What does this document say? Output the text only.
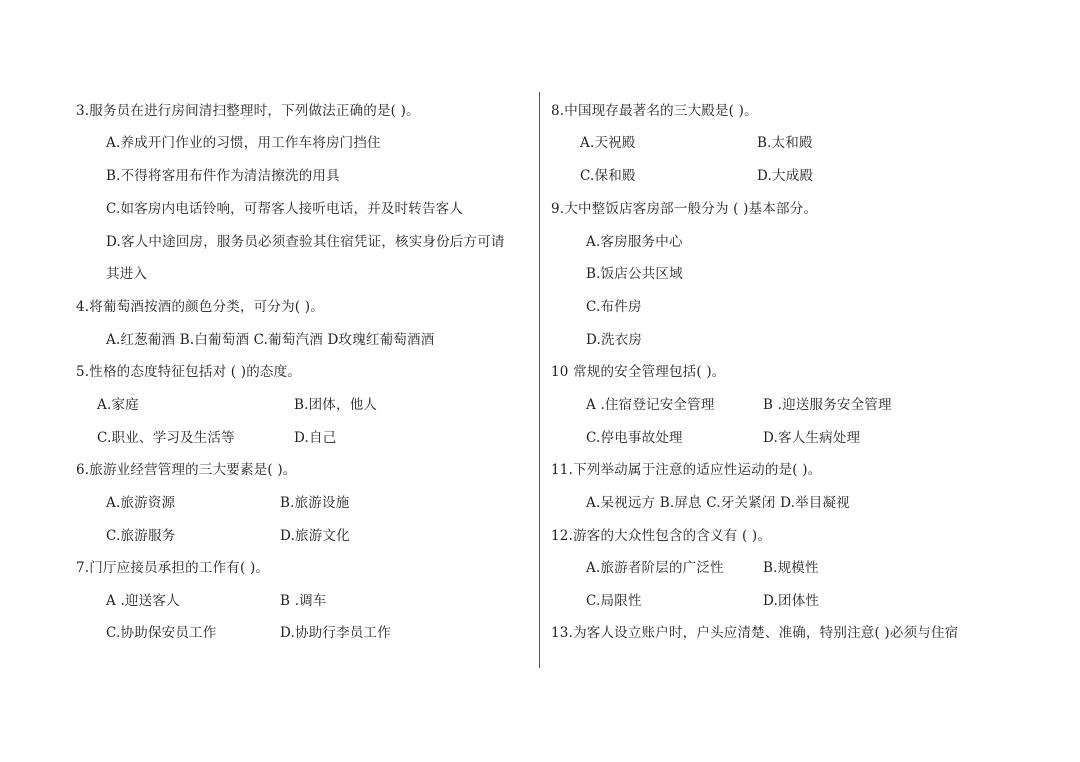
3.服务员在进行房间清扫整理时，下列做法正确的是( )。
A.养成开门作业的习惯，用工作车将房门挡住
B.不得将客用布件作为清洁擦洗的用具
C.如客房内电话铃响，可帮客人接听电话，并及时转告客人
D.客人中途回房，服务员必须查验其住宿凭证，核实身份后方可请
其进入
4.将葡萄酒按酒的颜色分类，可分为( )。
A.红葱葡酒 B.白葡萄酒 C.葡萄汽酒 D玫瑰红葡萄酒酒
5.性格的态度特征包括对 ( )的态度。
A.家庭	B.团体，他人
C.职业、学习及生活等	D.自己
6.旅游业经营管理的三大要素是( )。
A.旅游资源	B.旅游设施
C.旅游服务	D.旅游文化
7.门厅应接员承担的工作有( )。
A .迎送客人	B .调车
C.协助保安员工作	D.协助行李员工作
8.中国现存最著名的三大殿是( )。
A.天祝殿	B.太和殿
C.保和殿	D.大成殿
9.大中整饭店客房部一般分为 ( )基本部分。
A.客房服务中心
B.饭店公共区域
C.布件房
D.洗衣房
10 常规的安全管理包括( )。
A .住宿登记安全管理	B .迎送服务安全管理
C.停电事故处理	D.客人生病处理
11.下列举动属于注意的适应性运动的是( )。
A.呆视远方 B.屏息 C.牙关紧闭 D.举目凝视
12.游客的大众性包含的含义有 ( )。
A.旅游者阶层的广泛性	B.规模性
C.局限性	D.团体性
13.为客人设立账户时，户头应清楚、准确，特别注意( )必须与住宿
